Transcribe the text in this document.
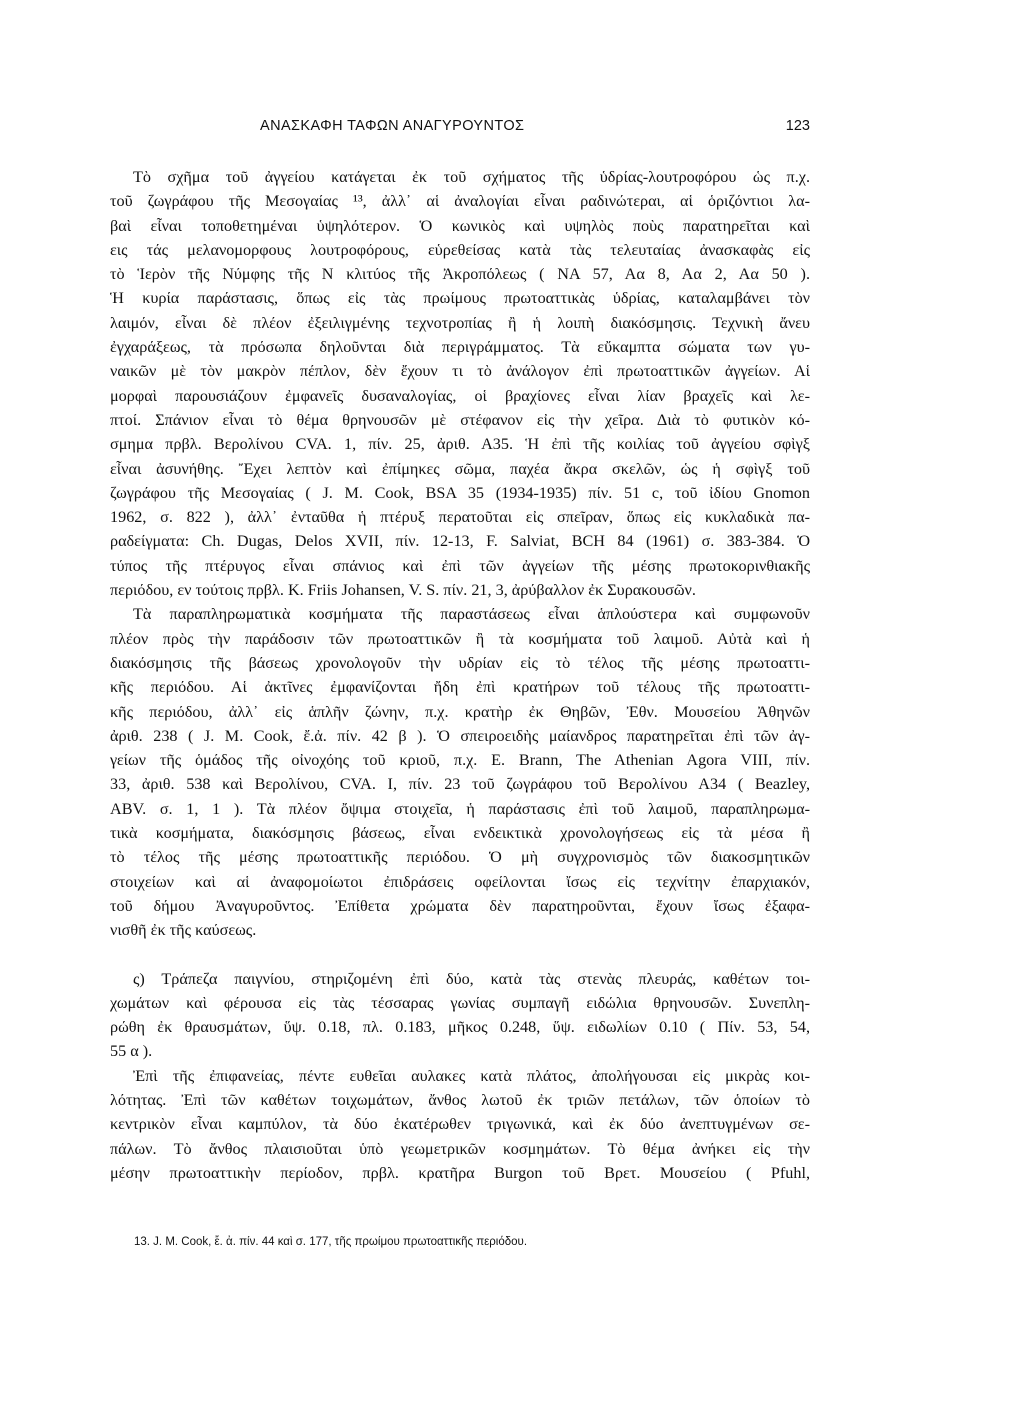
ΑΝΑΣΚΑΦΗ ΤΑΦΩΝ ΑΝΑΓΥΡΟΥΝΤΟΣ	123
Τὸ σχῆμα τοῦ ἀγγείου κατάγεται ἐκ τοῦ σχήματος τῆς ὑδρίας-λουτροφόρου ὡς π.χ.
τοῦ ζωγράφου τῆς Μεσογαίας ¹³, ἀλλ᾽ αἱ ἀναλογίαι εἶναι ραδινώτεραι, αἱ ὁριζόντιοι λα-
βαὶ εἶναι τοποθετημέναι ὑψηλότερον. Ὁ κωνικὸς καὶ υψηλὸς ποὺς παρατηρεῖται καὶ
εις τάς μελανομορφους λουτροφόρους, εὑρεθείσας κατὰ τὰς τελευταίας ἀνασκαφὰς εἰς
τὸ Ἱερὸν τῆς Νύμφης τῆς Ν κλιτύος τῆς Ἀκροπόλεως ( ΝΑ 57, Αα 8, Αα 2, Αα 50 ).
Ἡ κυρία παράστασις, ὅπως εἰς τὰς πρωίμους πρωτοαττικὰς ὑδρίας, καταλαμβάνει τὸν
λαιμόν, εἶναι δὲ πλέον ἐξειλιγμένης τεχνοτροπίας ἢ ἡ λοιπὴ διακόσμησις. Τεχνικὴ ἄνευ
ἐγχαράξεως, τὰ πρόσωπα δηλοῦνται διὰ περιγράμματος. Τὰ εὔκαμπτα σώματα των γυ-
ναικῶν μὲ τὸν μακρὸν πέπλον, δὲν ἔχουν τι τὸ ἀνάλογον ἐπὶ πρωτοαττικῶν ἀγγείων. Αἱ
μορφαὶ παρουσιάζουν ἐμφανεῖς δυσαναλογίας, οἱ βραχίονες εἶναι λίαν βραχεῖς καὶ λε-
πτοί. Σπάνιον εἶναι τὸ θέμα θρηνουσῶν μὲ στέφανον εἰς τὴν χεῖρα. Διὰ τὸ φυτικὸν κό-
σμημα πρβλ. Βερολίνου CVA. 1, πίν. 25, ἀριθ. Α35. Ἡ ἐπὶ τῆς κοιλίας τοῦ ἀγγείου σφὶγξ
εἶναι ἀσυνήθης. Ἔχει λεπτὸν καὶ ἐπίμηκες σῶμα, παχέα ἄκρα σκελῶν, ὡς ἡ σφὶγξ τοῦ
ζωγράφου τῆς Μεσογαίας ( J. M. Cook, BSA 35 (1934-1935) πίν. 51 c, τοῦ ἰδίου Gnomon
1962, σ. 822 ), ἀλλ᾽ ἐνταῦθα ἡ πτέρυξ περατοῦται εἰς σπεῖραν, ὅπως εἰς κυκλαδικὰ πα-
ραδείγματα: Ch. Dugas, Delos XVII, πίν. 12-13, F. Salviat, BCH 84 (1961) σ. 383-384. Ὁ
τύπος τῆς πτέρυγος εἶναι σπάνιος καὶ ἐπὶ τῶν ἀγγείων τῆς μέσης πρωτοκορινθιακῆς
περιόδου, εν τούτοις πρβλ. K. Friis Johansen, V. S. πίν. 21, 3, ἀρύβαλλον ἐκ Συρακουσῶν.
Τὰ παραπληρωματικὰ κοσμήματα τῆς παραστάσεως εἶναι ἁπλούστερα καὶ συμφωνοῦν
πλέον πρὸς τὴν παράδοσιν τῶν πρωτοαττικῶν ἢ τὰ κοσμήματα τοῦ λαιμοῦ. Αὐτὰ καὶ ἡ
διακόσμησις τῆς βάσεως χρονολογοῦν τὴν υδρίαν εἰς τὸ τέλος τῆς μέσης πρωτοαττι-
κῆς περιόδου. Αἱ ἀκτῖνες ἐμφανίζονται ἤδη ἐπὶ κρατήρων τοῦ τέλους τῆς πρωτοαττι-
κῆς περιόδου, ἀλλ᾽ εἰς ἁπλῆν ζώνην, π.χ. κρατὴρ ἐκ Θηβῶν, Ἐθν. Μουσείου Ἀθηνῶν
ἀριθ. 238 ( J. M. Cook, ἔ.ἀ. πίν. 42 β ). Ὁ σπειροειδὴς μαίανδρος παρατηρεῖται ἐπὶ τῶν ἀγ-
γείων τῆς ὁμάδος τῆς οἰνοχόης τοῦ κριοῦ, π.χ. E. Brann, The Athenian Agora VIII, πίν.
33, ἀριθ. 538 καὶ Βερολίνου, CVA. I, πίν. 23 τοῦ ζωγράφου τοῦ Βερολίνου Α34 ( Beazley,
ABV. σ. 1, 1 ). Τὰ πλέον ὄψιμα στοιχεῖα, ἡ παράστασις ἐπὶ τοῦ λαιμοῦ, παραπληρωμα-
τικὰ κοσμήματα, διακόσμησις βάσεως, εἶναι ενδεικτικὰ χρονολογήσεως εἰς τὰ μέσα ἢ
τὸ τέλος τῆς μέσης πρωτοαττικῆς περιόδου. Ὁ μὴ συγχρονισμὸς τῶν διακοσμητικῶν
στοιχείων καὶ αἱ ἀναφομοίωτοι ἐπιδράσεις οφείλονται ἴσως εἰς τεχνίτην ἐπαρχιακόν,
τοῦ δήμου Ἀναγυροῦντος. Ἐπίθετα χρώματα δὲν παρατηροῦνται, ἔχουν ἴσως ἐξαφα-
νισθῆ ἐκ τῆς καύσεως.
ς) Τράπεζα παιγνίου, στηριζομένη ἐπὶ δύο, κατὰ τὰς στενὰς πλευράς, καθέτων τοι-
χωμάτων καὶ φέρουσα εἰς τὰς τέσσαρας γωνίας συμπαγῆ ειδώλια θρηνουσῶν. Συνεπλη-
ρώθη ἐκ θραυσμάτων, ὕψ. 0.18, πλ. 0.183, μῆκος 0.248, ὕψ. ειδωλίων 0.10 ( Πίν. 53, 54,
55 α ).
Ἐπὶ τῆς ἐπιφανείας, πέντε ευθεῖαι αυλακες κατὰ πλάτος, ἀπολήγουσαι εἰς μικρὰς κοι-
λότητας. Ἐπὶ τῶν καθέτων τοιχωμάτων, ἄνθος λωτοῦ ἐκ τριῶν πετάλων, τῶν ὁποίων τὸ
κεντρικὸν εἶναι καμπύλον, τὰ δύο ἑκατέρωθεν τριγωνικά, καὶ ἐκ δύο ἀνεπτυγμένων σε-
πάλων. Τὸ ἄνθος πλαισιοῦται ὑπὸ γεωμετρικῶν κοσμημάτων. Τὸ θέμα ἀνήκει εἰς τὴν
μέσην πρωτοαττικὴν περίοδον, πρβλ. κρατῆρα Burgon τοῦ Βρετ. Μουσείου ( Pfuhl,
13. J. M. Cook, ἔ. ἀ. πίν. 44 καὶ σ. 177, τῆς πρωίμου πρωτοαττικῆς περιόδου.
